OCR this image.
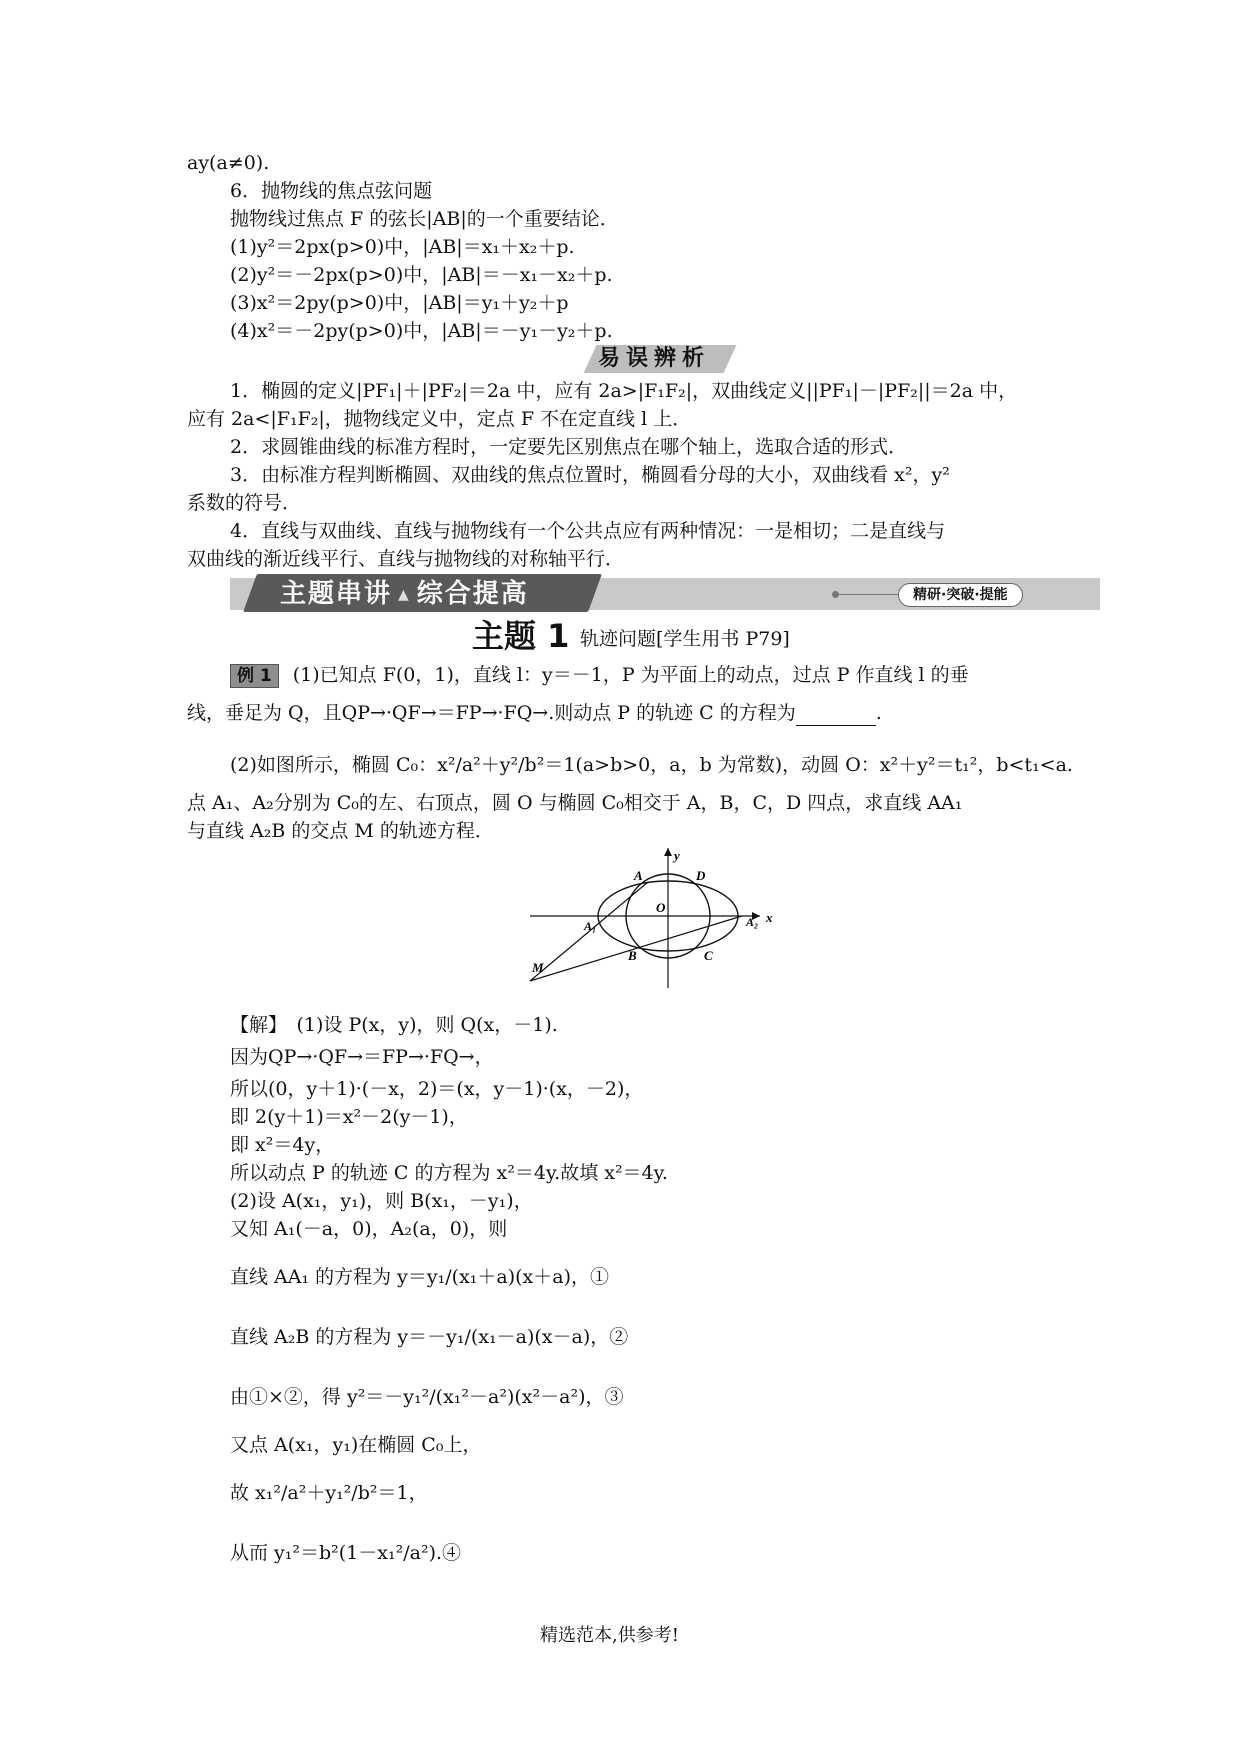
ay(a≠0).
6．抛物线的焦点弦问题
抛物线过焦点 F 的弦长|AB|的一个重要结论．
(1)y²＝2px(p>0)中，|AB|＝x₁＋x₂＋p.
(2)y²＝－2px(p>0)中，|AB|＝－x₁－x₂＋p.
(3)x²＝2py(p>0)中，|AB|＝y₁＋y₂＋p
(4)x²＝－2py(p>0)中，|AB|＝－y₁－y₂＋p.
易误辨析
1．椭圆的定义|PF₁|＋|PF₂|＝2a 中，应有 2a>|F₁F₂|，双曲线定义||PF₁|－|PF₂||＝2a 中，
应有 2a<|F₁F₂|，抛物线定义中，定点 F 不在定直线 l 上．
2．求圆锥曲线的标准方程时，一定要先区别焦点在哪个轴上，选取合适的形式．
3．由标准方程判断椭圆、双曲线的焦点位置时，椭圆看分母的大小，双曲线看 x²，y²
系数的符号．
4．直线与双曲线、直线与抛物线有一个公共点应有两种情况：一是相切；二是直线与
双曲线的渐近线平行、直线与抛物线的对称轴平行．
主题串讲 ▲ 综合提高	精研·突破·提能
主题 1 轨迹问题[学生用书 P79]
例 1 (1)已知点 F(0，1)，直线 l：y＝－1，P 为平面上的动点，过点 P 作直线 l 的垂
线，垂足为 Q，且QP→·QF→＝FP→·FQ→.则动点 P 的轨迹 C 的方程为	.
(2)如图所示，椭圆 C₀：x²/a²＋y²/b²＝1(a>b>0，a，b 为常数)，动圆 O：x²＋y²＝t₁²，b<t₁<a.
点 A₁、A₂分别为 C₀的左、右顶点，圆 O 与椭圆 C₀相交于 A，B，C，D 四点，求直线 AA₁
与直线 A₂B 的交点 M 的轨迹方程．
y
A	D
A₁
O
A₂ x
M
B	C
【解】　(1)设 P(x，y)，则 Q(x，－1).
因为QP→·QF→＝FP→·FQ→，
所以(0，y＋1)·(－x，2)＝(x，y－1)·(x，－2)，
即 2(y＋1)＝x²－2(y－1)，
即 x²＝4y，
所以动点 P 的轨迹 C 的方程为 x²＝4y.故填 x²＝4y.
(2)设 A(x₁，y₁)，则 B(x₁，－y₁)，
又知 A₁(－a，0)，A₂(a，0)，则
直线 AA₁ 的方程为 y＝y₁/(x₁＋a)(x＋a)，①
直线 A₂B 的方程为 y＝－y₁/(x₁－a)(x－a)，②
由①×②，得 y²＝－y₁²/(x₁²－a²)(x²－a²)，③
又点 A(x₁，y₁)在椭圆 C₀上，
故 x₁²/a²＋y₁²/b²＝1，
从而 y₁²＝b²(1－x₁²/a²).④
精选范本,供参考!
